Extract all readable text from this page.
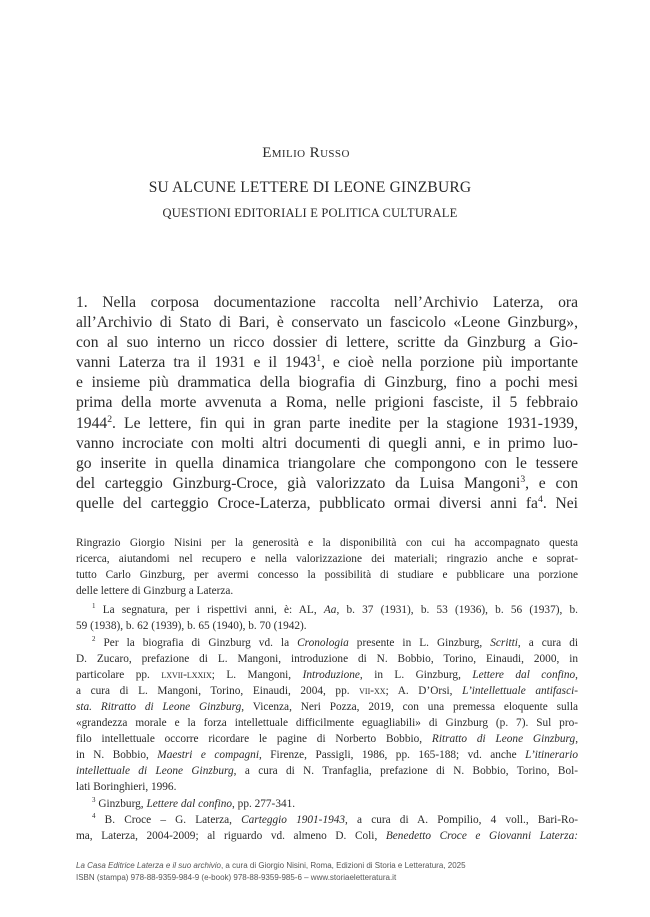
Emilio Russo
SU ALCUNE LETTERE DI LEONE GINZBURG
QUESTIONI EDITORIALI E POLITICA CULTURALE
1. Nella corposa documentazione raccolta nell’Archivio Laterza, ora
all’Archivio di Stato di Bari, è conservato un fascicolo «Leone Ginzburg»,
con al suo interno un ricco dossier di lettere, scritte da Ginzburg a Gio-
vanni Laterza tra il 1931 e il 1943$^1$, e cioè nella porzione più importante
e insieme più drammatica della biografia di Ginzburg, fino a pochi mesi
prima della morte avvenuta a Roma, nelle prigioni fasciste, il 5 febbraio
1944$^2$. Le lettere, fin qui in gran parte inedite per la stagione 1931-1939,
vanno incrociate con molti altri documenti di quegli anni, e in primo luo-
go inserite in quella dinamica triangolare che compongono con le tessere
del carteggio Ginzburg-Croce, già valorizzato da Luisa Mangoni$^3$, e con
quelle del carteggio Croce-Laterza, pubblicato ormai diversi anni $fa^4$. Nei
Ringrazio Giorgio Nisini per la generosità e la disponibilità con cui ha accompagnato questa
ricerca, aiutandomi nel recupero e nella valorizzazione dei materiali; ringrazio anche e soprat-
tutto Carlo Ginzburg, per avermi concesso la possibilità di studiare e pubblicare una porzione
delle lettere di Ginzburg a Laterza.
$^1$ La segnatura, per i rispettivi anni, è: AL, Aa, b. 37 (1931), b. 53 (1936), b. 56 (1937), b.
59 (1938), b. 62 (1939), b. 65 (1940), b. 70 (1942).
$^2$ Per la biografia di Ginzburg vd. la Cronologia presente in L. Ginzburg, Scritti, a cura di
D. Zucaro, prefazione di L. Mangoni, introduzione di N. Bobbio, Torino, Einaudi, 2000, in
particolare pp. lxvii-lxxix; L. Mangoni, Introduzione, in L. Ginzburg, Lettere dal confino,
a cura di L. Mangoni, Torino, Einaudi, 2004, pp. vii-xx; A. D’Orsi, L’intellettuale antifasci-
sta. Ritratto di Leone Ginzburg, Vicenza, Neri Pozza, 2019, con una premessa eloquente sulla
«grandezza morale e la forza intellettuale difficilmente eguagliabili» di Ginzburg (p. 7). Sul pro-
filo intellettuale occorre ricordare le pagine di Norberto Bobbio, Ritratto di Leone Ginzburg,
in N. Bobbio, Maestri e compagni, Firenze, Passigli, 1986, pp. 165-188; vd. anche L’itinerario
intellettuale di Leone Ginzburg, a cura di N. Tranfaglia, prefazione di N. Bobbio, Torino, Bol-
lati Boringhieri, 1996.
$^3$ Ginzburg, Lettere dal confino, pp. 277-341.
$^4$ B. Croce – G. Laterza, Carteggio 1901-1943, a cura di A. Pompilio, 4 voll., Bari-Ro-
ma, Laterza, 2004-2009; al riguardo vd. almeno D. Coli, Benedetto Croce e Giovanni Laterza:
La Casa Editrice Laterza e il suo archivio, a cura di Giorgio Nisini, Roma, Edizioni di Storia e Letteratura, 2025
ISBN (stampa) 978-88-9359-984-9 (e-book) 978-88-9359-985-6 – www.storiaeletteratura.it
